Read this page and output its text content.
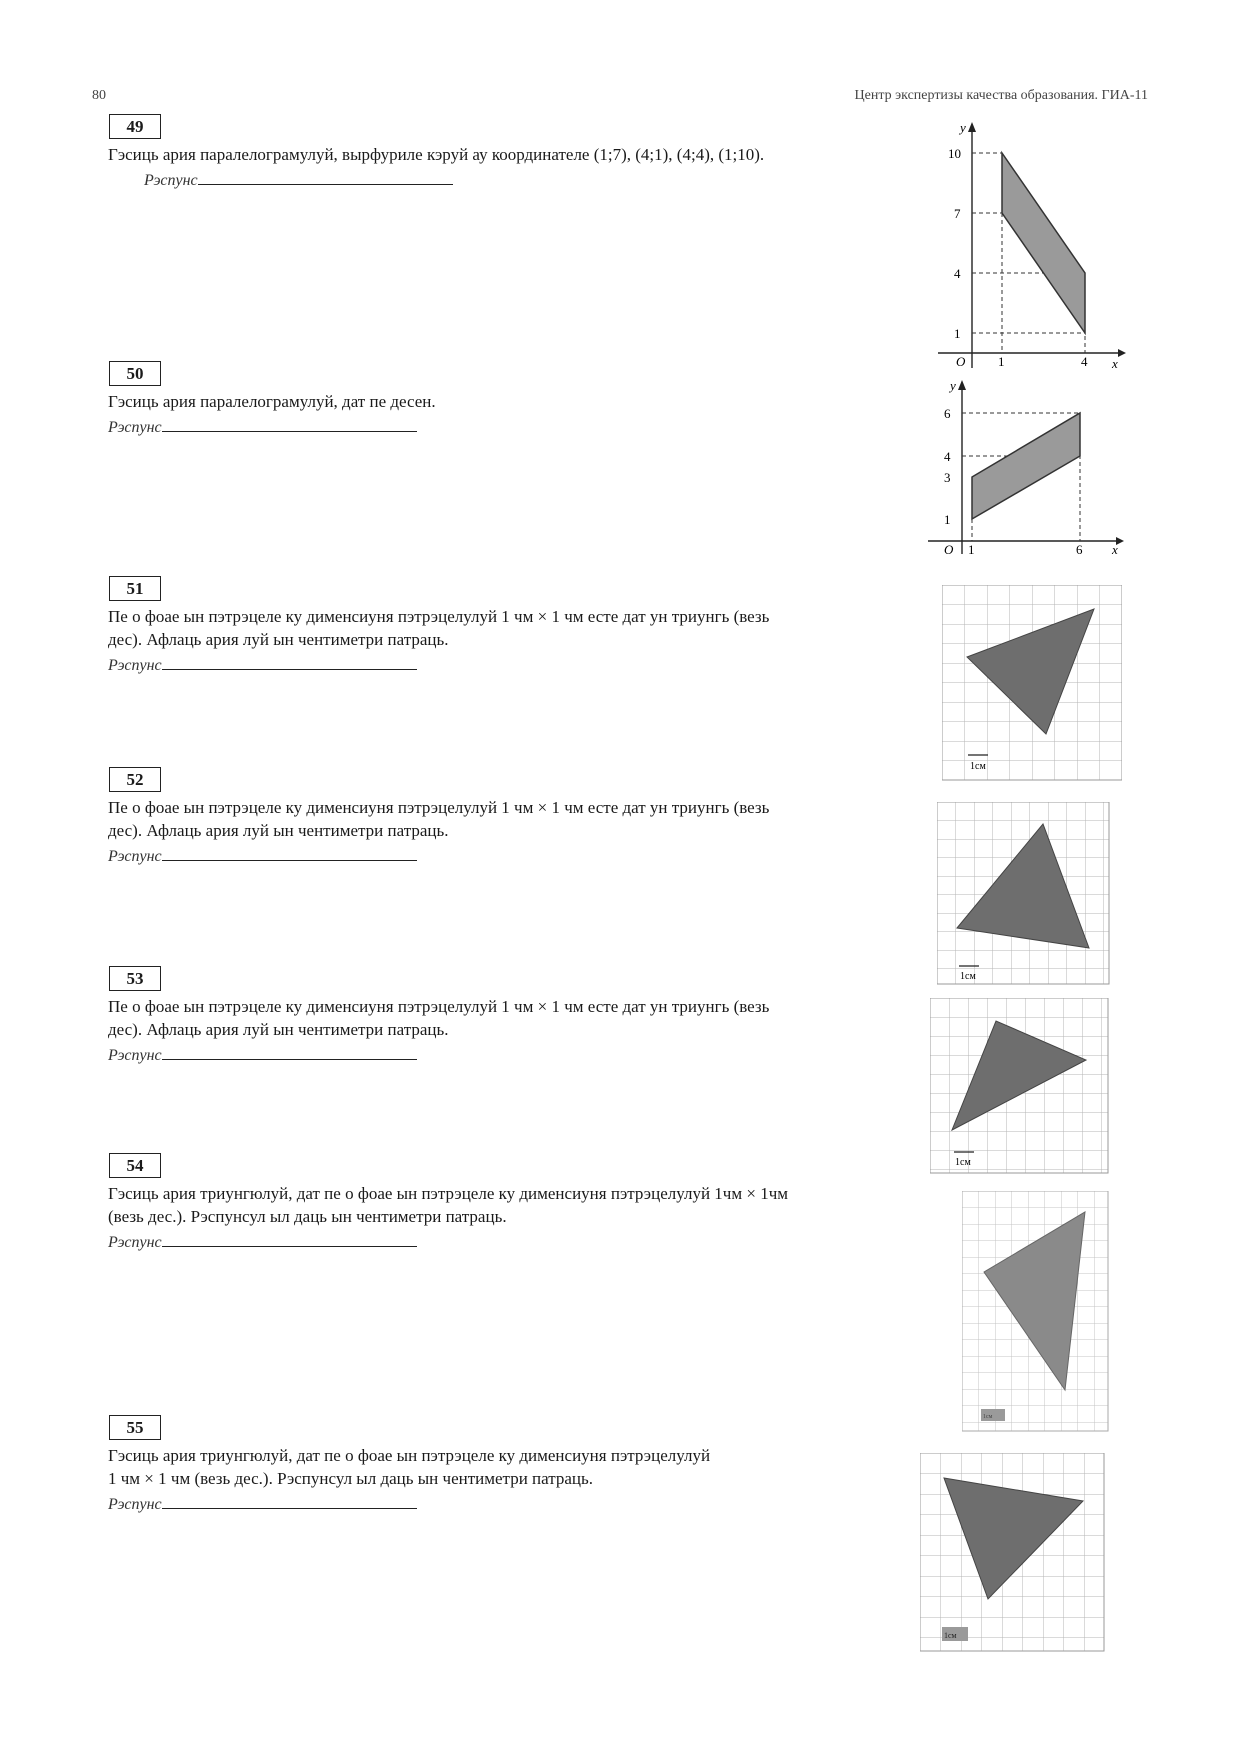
80	Центр экспертизы качества образования. ГИА-11
49
Гэсиць ария паралелограмулуй, вырфуриле кэруй ау координателе (1;7), (4;1), (4;4), (1;10).
Рэспунс
50
Гэсиць ария паралелограмулуй, дат пе десен.
Рэспунс
51
Пе о фоае ын пэтрэцеле ку дименсиуня пэтрэцелулуй 1 чм × 1 чм есте дат ун триунгь (везь
дес). Афлаць ария луй ын чентиметри патраць.
Рэспунс
52
Пе о фоае ын пэтрэцеле ку дименсиуня пэтрэцелулуй 1 чм × 1 чм есте дат ун триунгь (везь
дес). Афлаць ария луй ын чентиметри патраць.
Рэспунс
53
Пе о фоае ын пэтрэцеле ку дименсиуня пэтрэцелулуй 1 чм × 1 чм есте дат ун триунгь (везь
дес). Афлаць ария луй ын чентиметри патраць.
Рэспунс
54
Гэсиць ария триунгюлуй, дат пе о фоае ын пэтрэцеле ку дименсиуня пэтрэцелулуй 1чм × 1чм
(везь дес.). Рэспунсул ыл даць ын чентиметри патраць.
Рэспунс
55
Гэсиць ария триунгюлуй, дат пе о фоае ын пэтрэцеле ку дименсиуня пэтрэцелулуй
1 чм × 1 чм (везь дес.). Рэспунсул ыл даць ын чентиметри патраць.
Рэспунс
10
7
4
1
O	1	4 x
y
6
4
3
1
O 1	6 x
y
1см
1см
1см
1см
1см
